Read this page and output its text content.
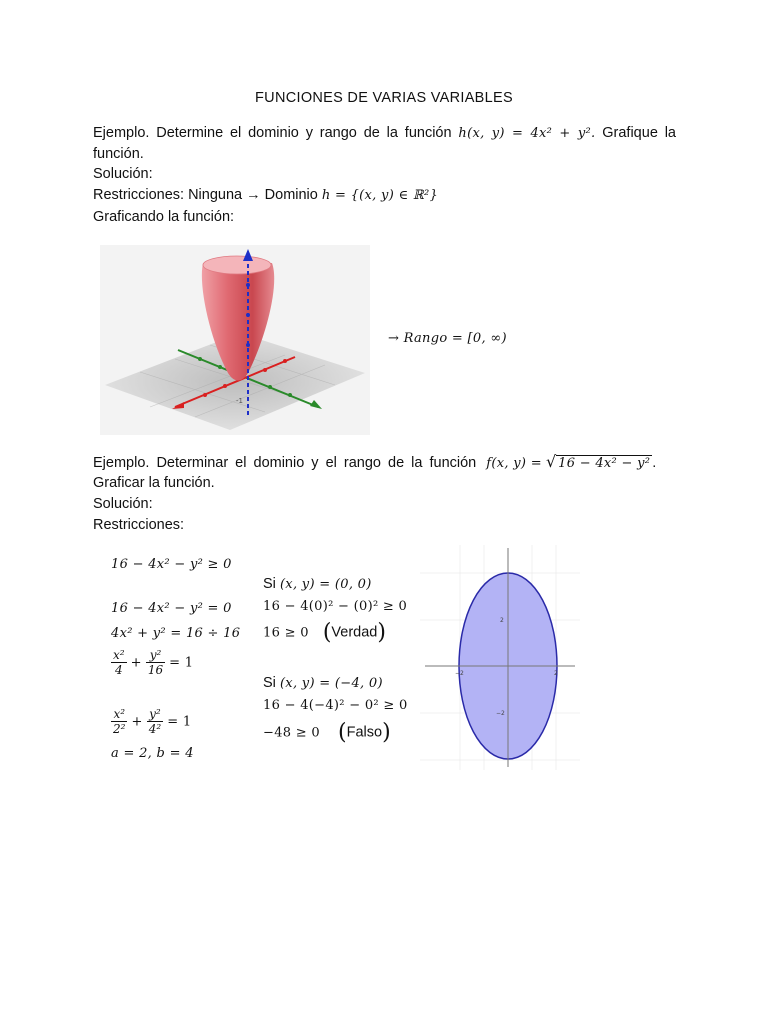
FUNCIONES DE VARIAS VARIABLES
Ejemplo. Determine el dominio y rango de la función h(x, y) = 4x² + y². Grafique la función.
Solución:
Restricciones: Ninguna → Dominio h = {(x, y) ∈ ℝ²}
Graficando la función:
-1
→ Rango = [0, ∞)
Ejemplo. Determinar el dominio y el rango de la función f(x, y) = √ 16 − 4x² − y² .
Graficar la función.
Solución:
Restricciones:
16 − 4x² − y² ≥ 0
16 − 4x² − y² = 0
4x² + y² = 16 ÷ 16
$\frac{\text{x²}}{4} + \frac{\text{y²}}{16} = 1$
$\frac{\text{x²}}{\text{2²}} + \frac{\text{y²}}{\text{4²}} = 1$
a = 2, b = 4
Si (x, y) = (0, 0)
16 − 4(0)² − (0)² ≥ 0
16 ≥ 0 (Verdad)
Si (x, y) = (−4, 0)
16 − 4(−4)² − 0² ≥ 0
−48 ≥ 0 (Falso)
−2	2
2
−2
